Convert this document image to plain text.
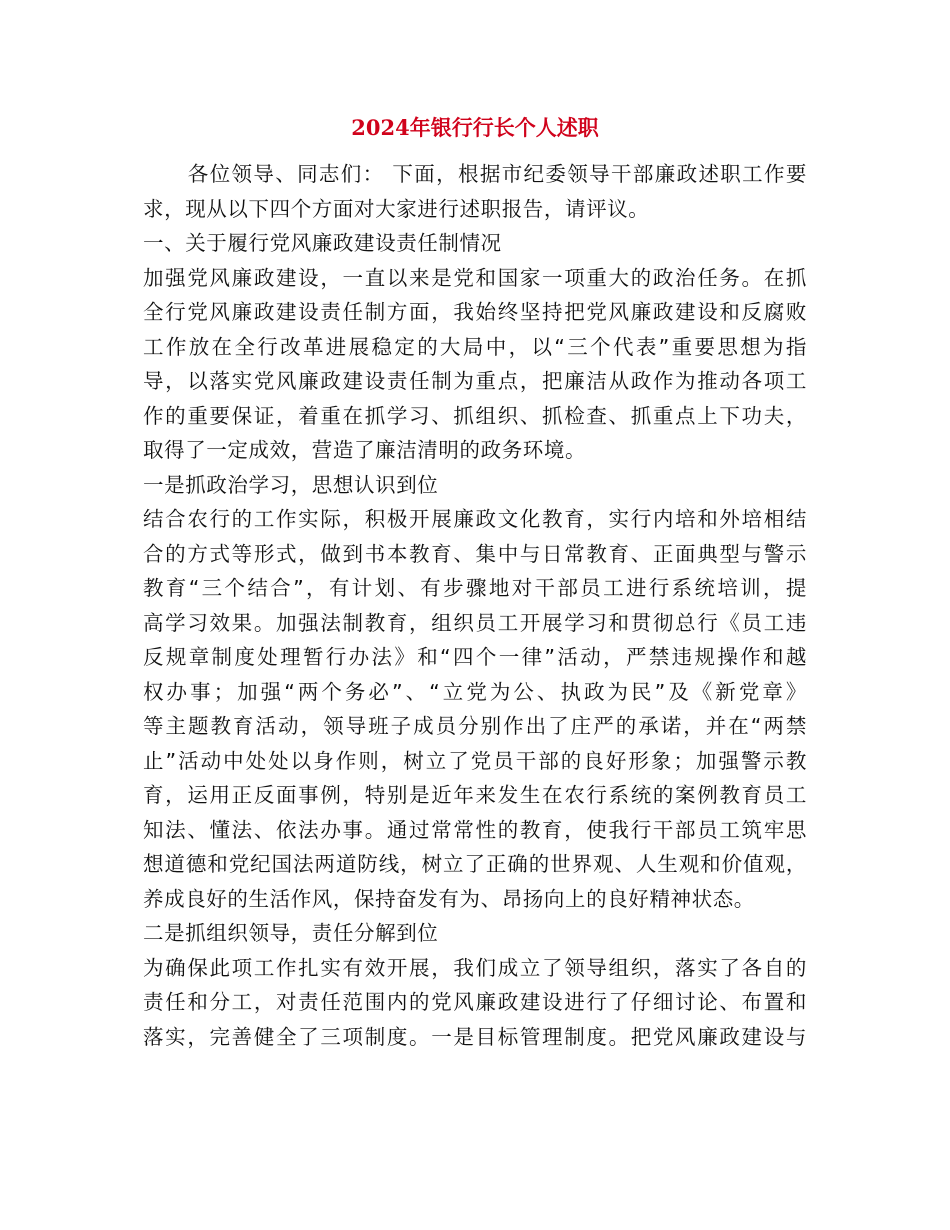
2024年银行行长个人述职
各位领导、同志们： 下面，根据市纪委领导干部廉政述职工作要
求，现从以下四个方面对大家进行述职报告，请评议。
一、关于履行党风廉政建设责任制情况
加强党风廉政建设，一直以来是党和国家一项重大的政治任务。在抓
全行党风廉政建设责任制方面，我始终坚持把党风廉政建设和反腐败
工作放在全行改革进展稳定的大局中，以“三个代表”重要思想为指
导，以落实党风廉政建设责任制为重点，把廉洁从政作为推动各项工
作的重要保证，着重在抓学习、抓组织、抓检查、抓重点上下功夫，
取得了一定成效，营造了廉洁清明的政务环境。
一是抓政治学习，思想认识到位
结合农行的工作实际，积极开展廉政文化教育，实行内培和外培相结
合的方式等形式，做到书本教育、集中与日常教育、正面典型与警示
教育“三个结合”，有计划、有步骤地对干部员工进行系统培训，提
高学习效果。加强法制教育，组织员工开展学习和贯彻总行《员工违
反规章制度处理暂行办法》和“四个一律”活动，严禁违规操作和越
权办事；加强“两个务必”、“立党为公、执政为民”及《新党章》
等主题教育活动，领导班子成员分别作出了庄严的承诺，并在“两禁
止”活动中处处以身作则，树立了党员干部的良好形象；加强警示教
育，运用正反面事例，特别是近年来发生在农行系统的案例教育员工
知法、懂法、依法办事。通过常常性的教育，使我行干部员工筑牢思
想道德和党纪国法两道防线，树立了正确的世界观、人生观和价值观，
养成良好的生活作风，保持奋发有为、昂扬向上的良好精神状态。
二是抓组织领导，责任分解到位
为确保此项工作扎实有效开展，我们成立了领导组织，落实了各自的
责任和分工，对责任范围内的党风廉政建设进行了仔细讨论、布置和
落实，完善健全了三项制度。一是目标管理制度。把党风廉政建设与
